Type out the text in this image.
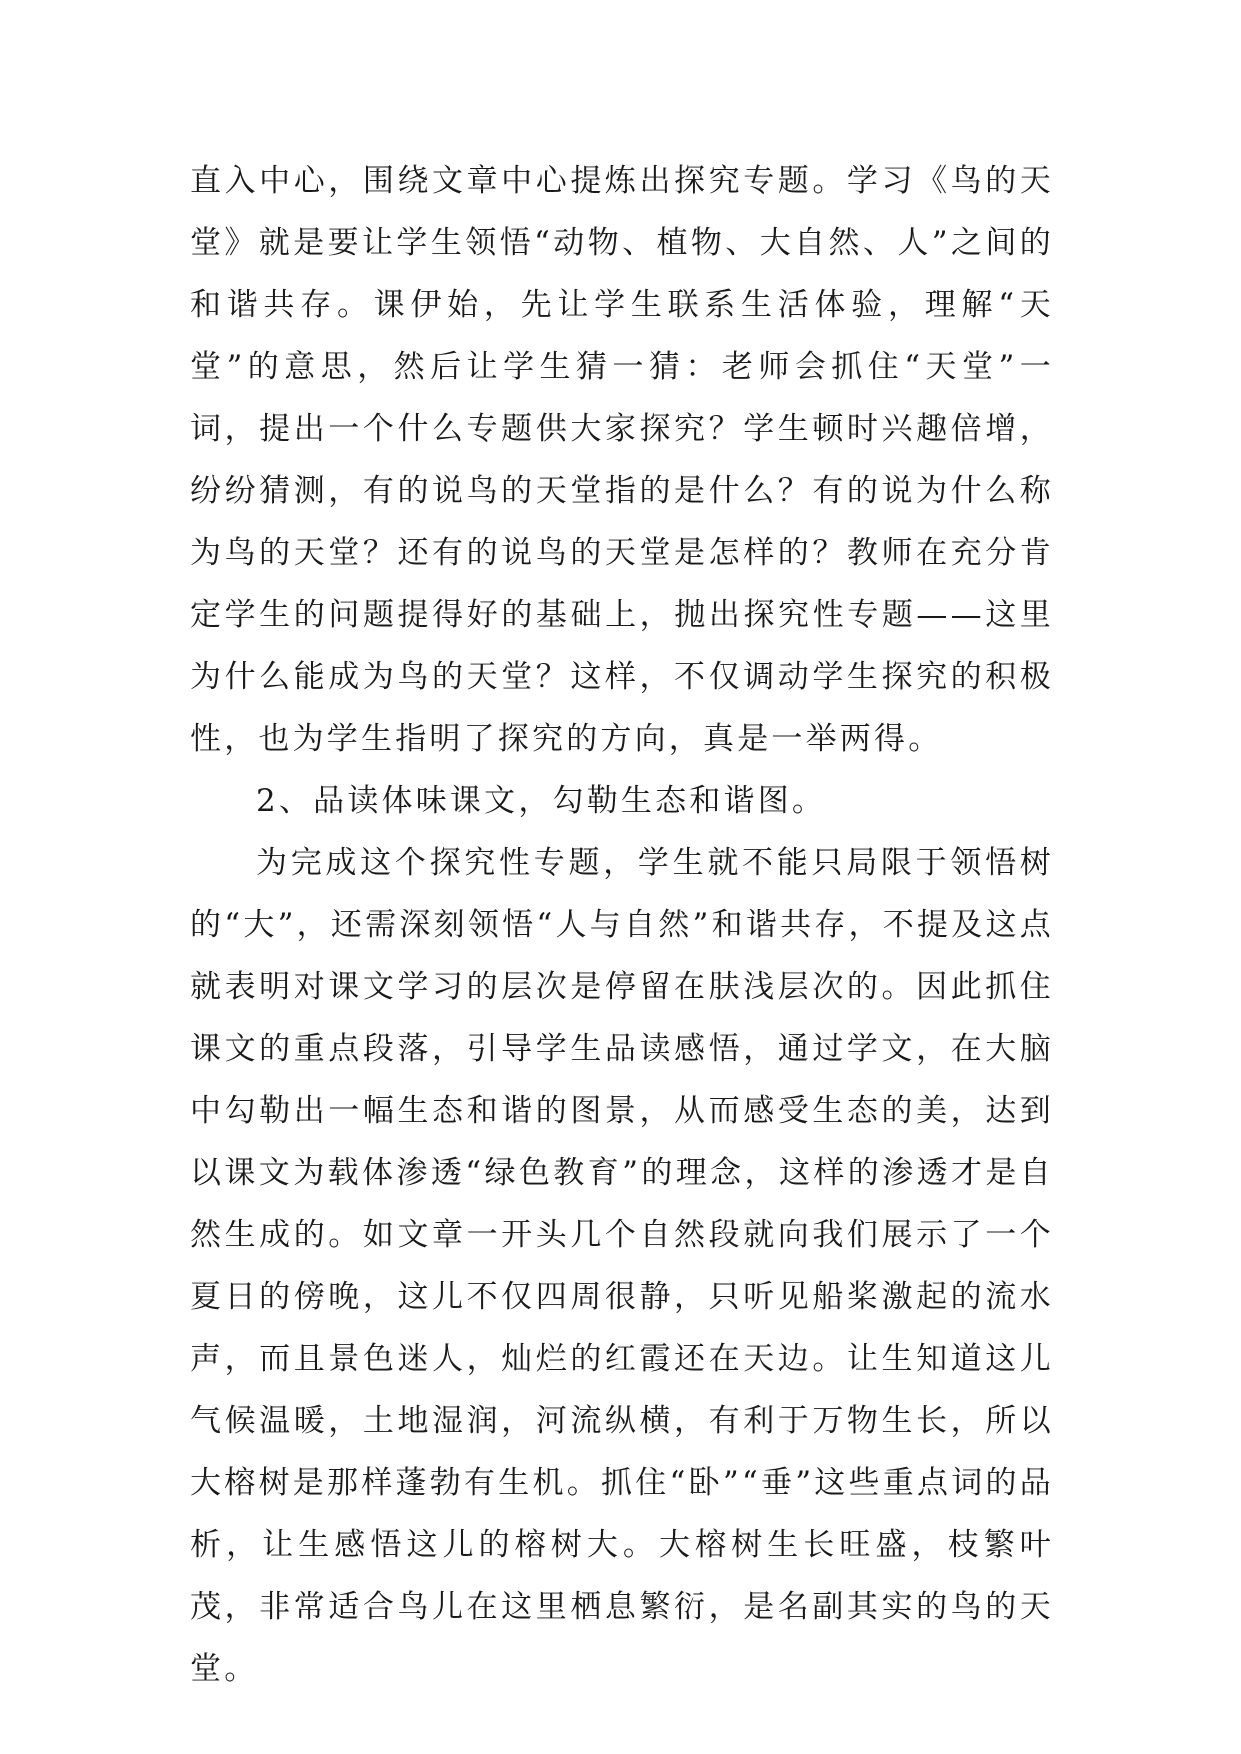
直入中心，围绕文章中心提炼出探究专题。学习《鸟的天堂》就是要让学生领悟“动物、植物、大自然、人”之间的和谐共存。课伊始，先让学生联系生活体验，理解“天堂”的意思，然后让学生猜一猜：老师会抓住“天堂”一词，提出一个什么专题供大家探究？学生顿时兴趣倍增，纷纷猜测，有的说鸟的天堂指的是什么？有的说为什么称为鸟的天堂？还有的说鸟的天堂是怎样的？教师在充分肯定学生的问题提得好的基础上，抛出探究性专题——这里为什么能成为鸟的天堂？这样，不仅调动学生探究的积极性，也为学生指明了探究的方向，真是一举两得。

2、品读体味课文，勾勒生态和谐图。

为完成这个探究性专题，学生就不能只局限于领悟树的“大”，还需深刻领悟“人与自然”和谐共存，不提及这点就表明对课文学习的层次是停留在肤浅层次的。因此抓住课文的重点段落，引导学生品读感悟，通过学文，在大脑中勾勒出一幅生态和谐的图景，从而感受生态的美，达到以课文为载体渗透“绿色教育”的理念，这样的渗透才是自然生成的。如文章一开头几个自然段就向我们展示了一个夏日的傍晚，这儿不仅四周很静，只听见船桨激起的流水声，而且景色迷人，灿烂的红霞还在天边。让生知道这儿气候温暖，土地湿润，河流纵横，有利于万物生长，所以大榕树是那样蓬勃有生机。抓住“卧”“垂”这些重点词的品析，让生感悟这儿的榕树大。大榕树生长旺盛，枝繁叶茂，非常适合鸟儿在这里栖息繁衍，是名副其实的鸟的天堂。
